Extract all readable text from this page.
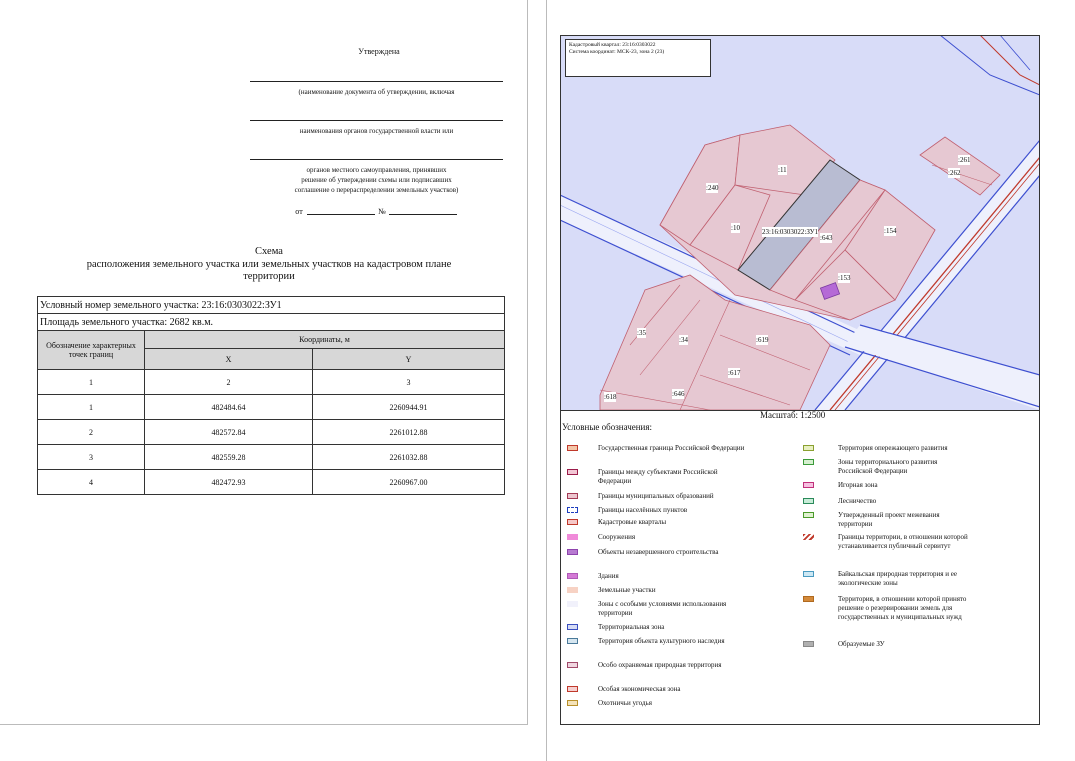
Утверждена
(наименование документа об утверждении, включая
наименования органов государственной власти или
органов местного самоуправления, принявших
решение об утверждении схемы или подписавших
соглашение о перераспределении земельных участков)
от	№
Схема
расположения земельного участка или земельных участков на кадастровом плане
территории
Условный номер земельного участка: 23:16:0303022:ЗУ1		
Площадь земельного участка: 2682 кв.м.		
Обозначение характерных точек границ	Координаты, м	
	X	Y
1	2	3
1	482484.64	2260944.91
2	482572.84	2261012.88
3	482559.28	2261032.88
4	482472.93	2260967.00
:261
:262
:11
:240
:10	23:16:0303022:ЗУ1
:643
:154
:153
:35
:34	:619
:617
:618	:646
Кадастровый квартал: 23:16:0303022
Система координат: МСК-23, зона 2 (23)
Масштаб: 1:2500
Условные обозначения:
Государственная граница Российской Федерации
Границы между субъектами Российской Федерации
Границы муниципальных образований
Границы населённых пунктов
Кадастровые кварталы
Сооружения
Объекты незавершенного строительства
Здания
Земельные участки
Зоны с особыми условиями использования территории
Территориальная зона
Территория объекта культурного наследия
Особо охраняемая природная территория
Особая экономическая зона
Охотничьи угодья
Территория опережающего развития
Зоны территориального развития Российской Федерации
Игорная зона
Лесничество
Утвержденный проект межевания территории
Границы территории, в отношении которой устанавливается публичный сервитут
Байкальская природная территория и ее экологические зоны
Территория, в отношении которой принято решение о резервировании земель для государственных и муниципальных нужд
Образуемые ЗУ
